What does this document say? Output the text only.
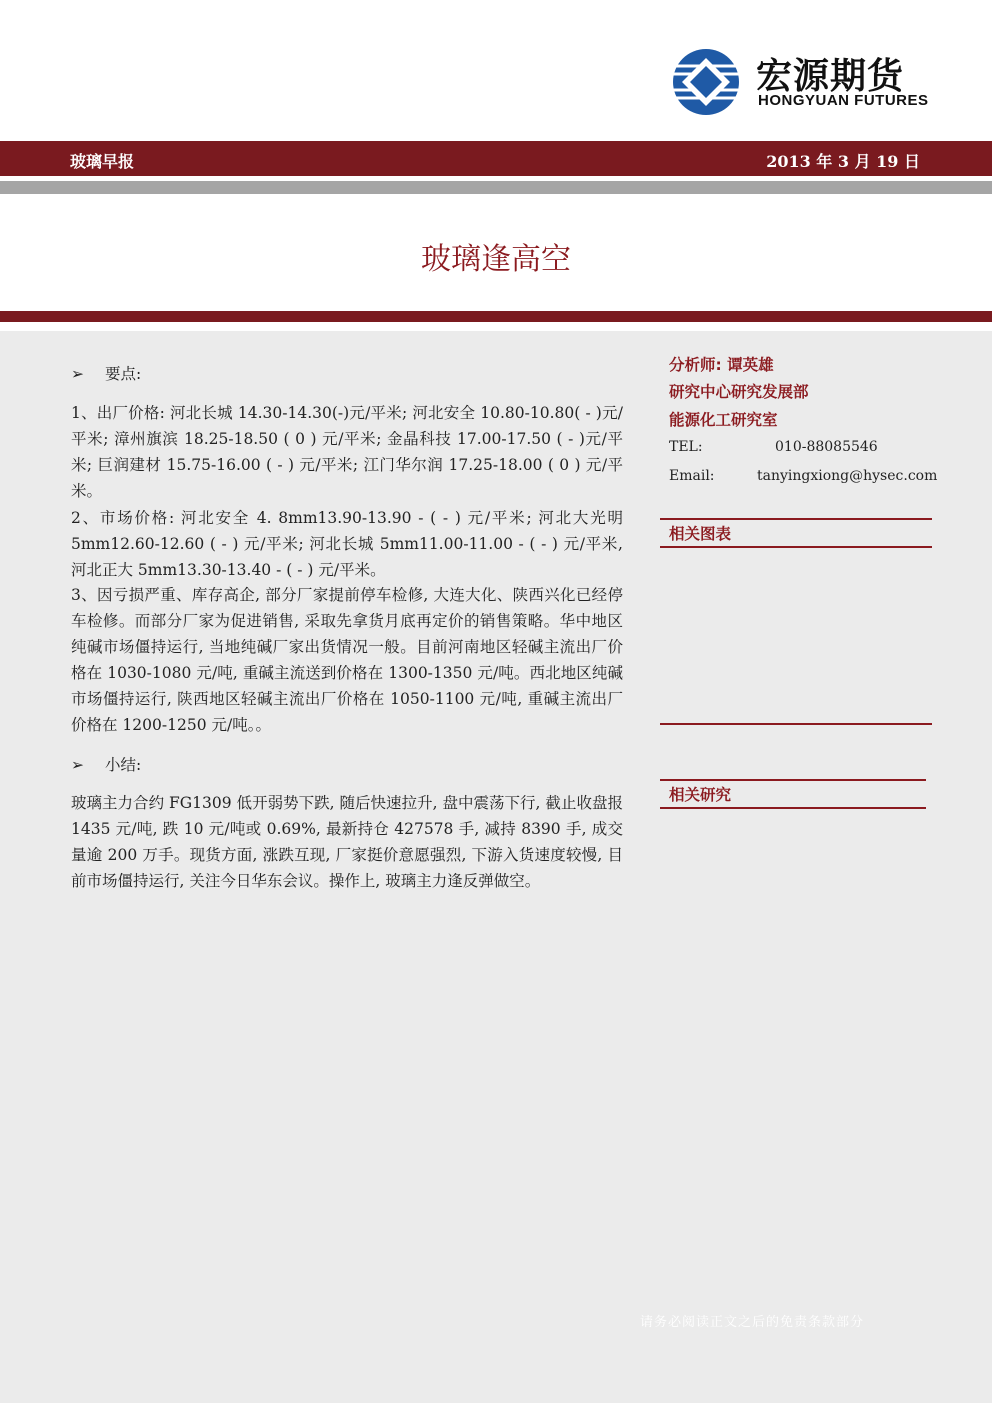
宏源期货
HONGYUAN FUTURES
玻璃早报	2013 年 3 月 19 日
玻璃逢高空
➢ 要点:
1、出厂价格: 河北长城 14.30-14.30(-)元/平米; 河北安全 10.80-10.80( - )元/平米; 漳州旗滨 18.25-18.50 ( 0 ) 元/平米; 金晶科技 17.00-17.50 ( - )元/平米; 巨润建材 15.75-16.00 ( - ) 元/平米; 江门华尔润 17.25-18.00 ( 0 ) 元/平米。
2、市场价格: 河北安全 4. 8mm13.90-13.90 - ( - ) 元/平米; 河北大光明 5mm12.60-12.60 ( - ) 元/平米; 河北长城 5mm11.00-11.00 - ( - ) 元/平米, 河北正大 5mm13.30-13.40 - ( - ) 元/平米。
3、因亏损严重、库存高企, 部分厂家提前停车检修, 大连大化、陕西兴化已经停车检修。而部分厂家为促进销售, 采取先拿货月底再定价的销售策略。华中地区纯碱市场僵持运行, 当地纯碱厂家出货情况一般。目前河南地区轻碱主流出厂价格在 1030-1080 元/吨, 重碱主流送到价格在 1300-1350 元/吨。西北地区纯碱市场僵持运行, 陕西地区轻碱主流出厂价格在 1050-1100 元/吨, 重碱主流出厂价格在 1200-1250 元/吨。。
➢ 小结:
玻璃主力合约 FG1309 低开弱势下跌, 随后快速拉升, 盘中震荡下行, 截止收盘报 1435 元/吨, 跌 10 元/吨或 0.69%, 最新持仓 427578 手, 减持 8390 手, 成交量逾 200 万手。现货方面, 涨跌互现, 厂家挺价意愿强烈, 下游入货速度较慢, 目前市场僵持运行, 关注今日华东会议。操作上, 玻璃主力逢反弹做空。
分析师: 谭英雄
研究中心研究发展部
能源化工研究室
TEL:	010-88085546
Email:	tanyingxiong@hysec.com
相关图表
相关研究
请务必阅读正文之后的免责条款部分
